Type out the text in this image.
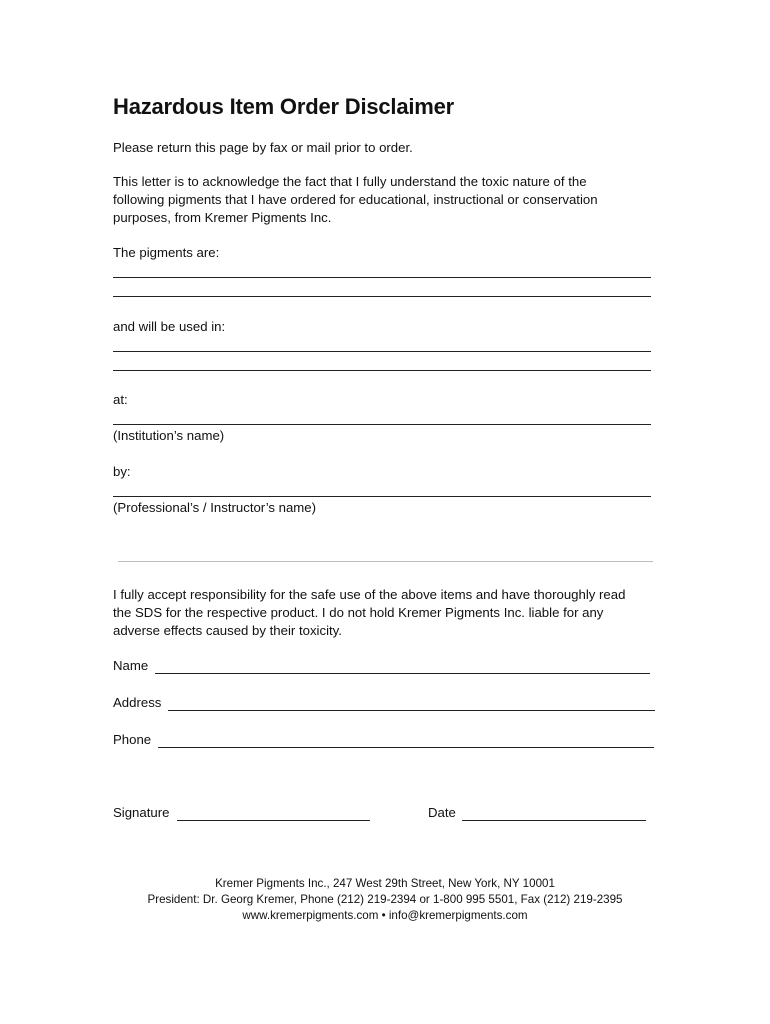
Hazardous Item Order Disclaimer
Please return this page by fax or mail prior to order.
This letter is to acknowledge the fact that I fully understand the toxic nature of the
following pigments that I have ordered for educational, instructional or conservation
purposes, from Kremer Pigments Inc.
The pigments are:
and will be used in:
at:
(Institution’s name)
by:
(Professional’s / Instructor’s name)
I fully accept responsibility for the safe use of the above items and have thoroughly read
the SDS for the respective product. I do not hold Kremer Pigments Inc. liable for any
adverse effects caused by their toxicity.
Name
Address
Phone
Signature	Date
Kremer Pigments Inc., 247 West 29th Street, New York, NY 10001
President: Dr. Georg Kremer, Phone (212) 219-2394 or 1-800 995 5501, Fax (212) 219-2395
www.kremerpigments.com • info@kremerpigments.com
